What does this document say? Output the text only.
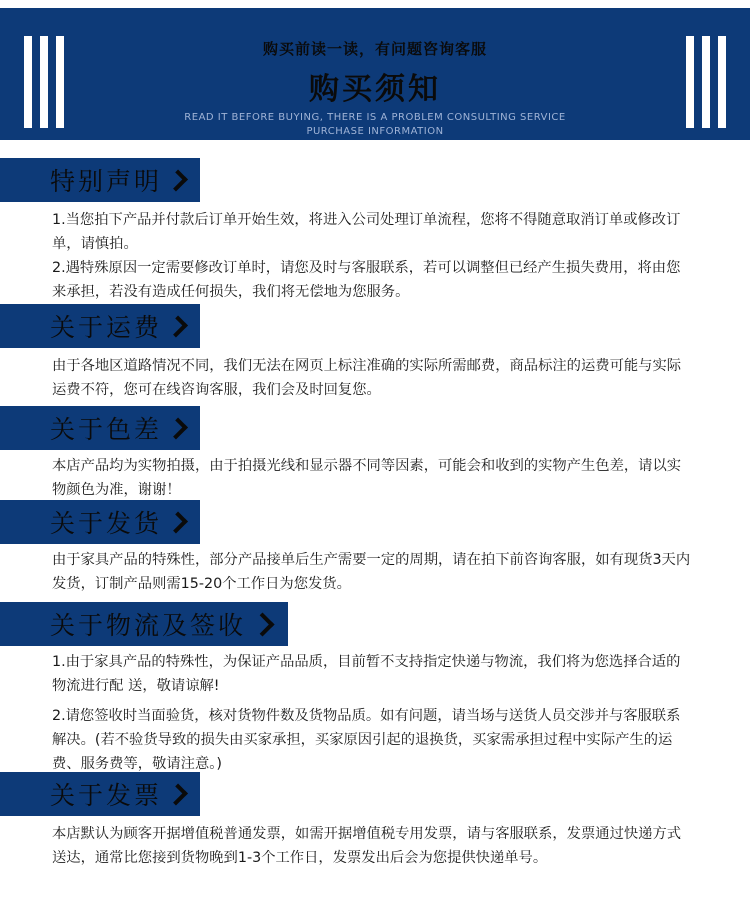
购买前读一读，有问题咨询客服
购买须知
READ IT BEFORE BUYING, THERE IS A PROBLEM CONSULTING SERVICE
PURCHASE INFORMATION
特别声明
1.当您拍下产品并付款后订单开始生效，将进入公司处理订单流程，您将不得随意取消订单或修改订单，请慎拍。
2.遇特殊原因一定需要修改订单时，请您及时与客服联系，若可以调整但已经产生损失费用，将由您来承担，若没有造成任何损失，我们将无偿地为您服务。
关于运费
由于各地区道路情况不同，我们无法在网页上标注准确的实际所需邮费，商品标注的运费可能与实际运费不符，您可在线咨询客服，我们会及时回复您。
关于色差
本店产品均为实物拍摄，由于拍摄光线和显示器不同等因素，可能会和收到的实物产生色差，请以实物颜色为准，谢谢！
关于发货
由于家具产品的特殊性，部分产品接单后生产需要一定的周期，请在拍下前咨询客服，如有现货3天内发货，订制产品则需15-20个工作日为您发货。
关于物流及签收
1.由于家具产品的特殊性，为保证产品品质，目前暂不支持指定快递与物流，我们将为您选择合适的物流进行配 送，敬请谅解!
2.请您签收时当面验货，核对货物件数及货物品质。如有问题，请当场与送货人员交涉并与客服联系解决。(若不验货导致的损失由买家承担，买家原因引起的退换货，买家需承担过程中实际产生的运费、服务费等，敬请注意。)
关于发票
本店默认为顾客开据增值税普通发票，如需开据增值税专用发票，请与客服联系，发票通过快递方式送达，通常比您接到货物晚到1-3个工作日，发票发出后会为您提供快递单号。
